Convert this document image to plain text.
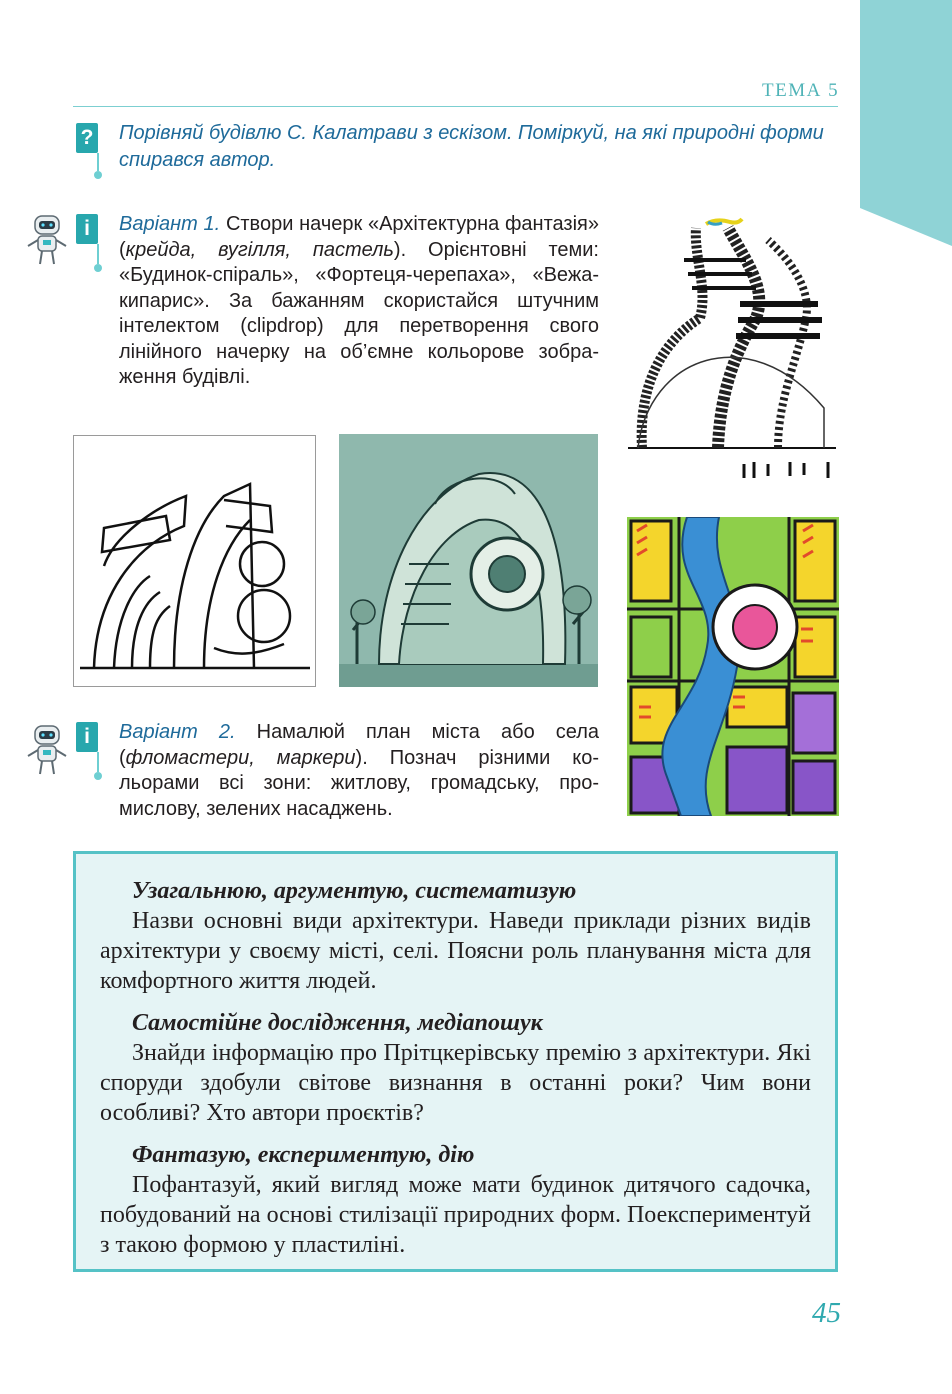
ТЕМА 5
? Порівняй будівлю С. Калатрави з ескізом. Поміркуй, на які природні форми спирався автор.
i	Варіант 1. Створи начерк «Архітектурна фантазія» (крейда, вугілля, пастель). Орієнтовні теми: «Будинок-спіраль», «Фортеця-черепаха», «Вежа-кипарис». За бажанням скористайся штучним інтелектом (clipdrop) для перетворення свого лінійного начерку на об’ємне кольорове зображення будівлі.
i	Варіант 2. Намалюй план міста або села (фломастери, маркери). Познач різними кольорами всі зони: житлову, громадську, промислову, зелених насаджень.
Узагальнюю, аргументую, систематизую

Назви основні види архітектури. Наведи приклади різних видів архітектури у своєму місті, селі. Поясни роль планування міста для комфортного життя людей.

Самостійне дослідження, медіапошук

Знайди інформацію про Прітцкерівську премію з архітектури. Які споруди здобули світове визнання в останні роки? Чим вони особливі? Хто автори проєктів?

Фантазую, експериментую, дію

Пофантазуй, який вигляд може мати будинок дитячого садочка, побудований на основі стилізації природних форм. Поекспериментуй з такою формою у пластиліні.

45
